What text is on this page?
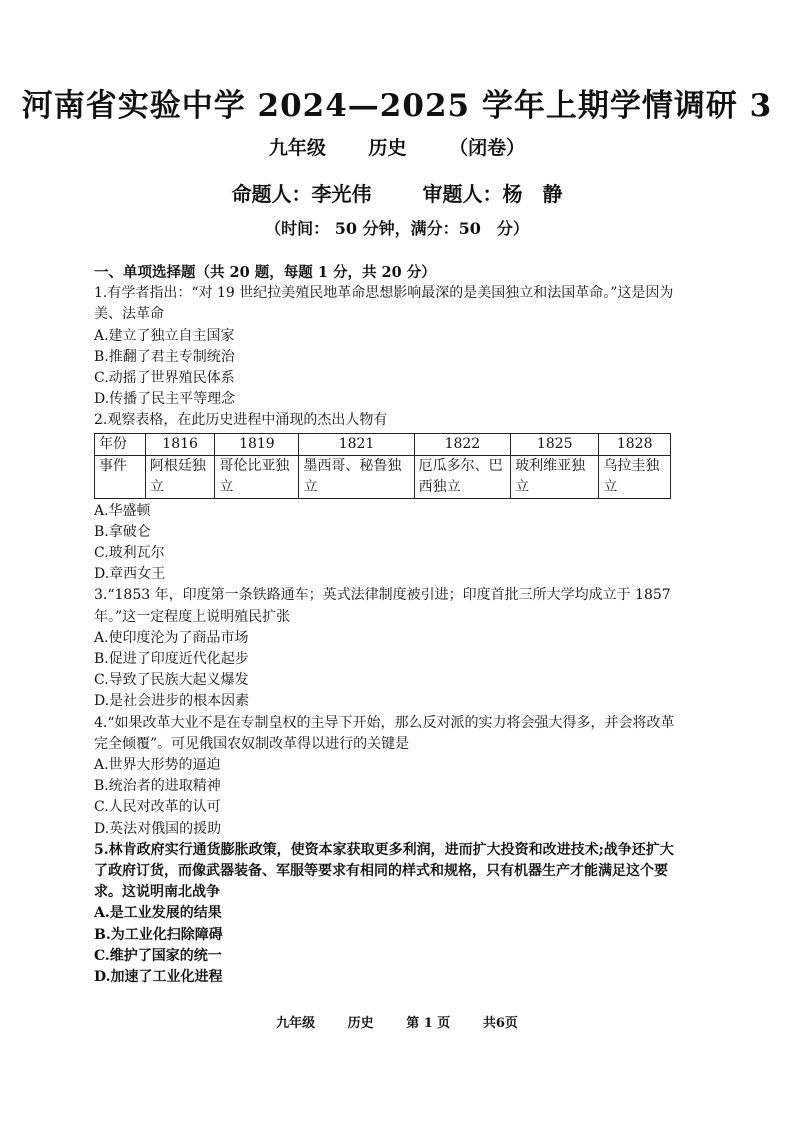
河南省实验中学 2024—2025 学年上期学情调研 3
九年级 历史 （闭卷）
命题人：李光伟	审题人：杨　静
（时间： 50 分钟，满分：50　分）
一、单项选择题（共 20 题，每题 1 分，共 20 分）

1.有学者指出：“对 19 世纪拉美殖民地革命思想影响最深的是美国独立和法国革命。”这是因为美、法革命

A.建立了独立自主国家

B.推翻了君主专制统治

C.动摇了世界殖民体系

D.传播了民主平等理念

2.观察表格，在此历史进程中涌现的杰出人物有

年份	1816	1819	1821	1822	1825	1828
事件	阿根廷独立	哥伦比亚独立	墨西哥、秘鲁独立	厄瓜多尔、巴西独立	玻利维亚独立	乌拉圭独立

A.华盛顿

B.拿破仑

C.玻利瓦尔

D.章西女王

3.“1853 年，印度第一条铁路通车；英式法律制度被引进；印度首批三所大学均成立于 1857 年。”这一定程度上说明殖民扩张

A.使印度沦为了商品市场

B.促进了印度近代化起步

C.导致了民族大起义爆发

D.是社会进步的根本因素

4.“如果改革大业不是在专制皇权的主导下开始，那么反对派的实力将会强大得多，并会将改革完全倾覆”。可见俄国农奴制改革得以进行的关键是

A.世界大形势的逼迫

B.统治者的进取精神

C.人民对改革的认可

D.英法对俄国的援助

5.林肯政府实行通货膨胀政策，使资本家获取更多利润，进而扩大投资和改进技术;战争还扩大了政府订货，而像武器装备、军服等要求有相同的样式和规格，只有机器生产才能满足这个要求。这说明南北战争

A.是工业发展的结果

B.为工业化扫除障碍

C.维护了国家的统一

D.加速了工业化进程

九年级	历史	第 1 页	共6页
